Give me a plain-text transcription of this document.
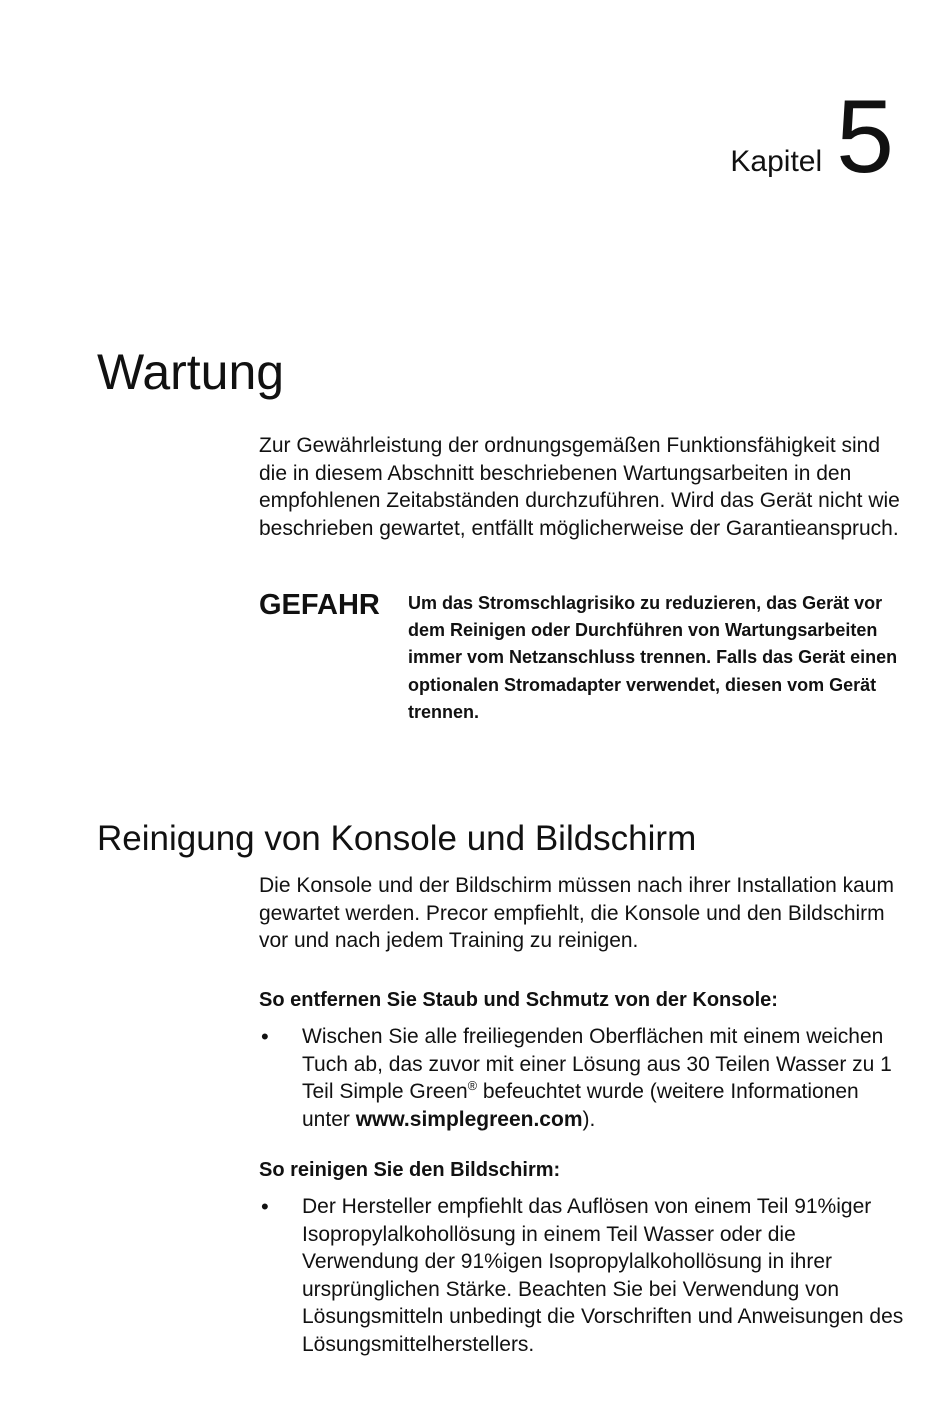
Kapitel 5
Wartung

Zur Gewährleistung der ordnungsgemäßen Funktionsfähigkeit sind die in diesem Abschnitt beschriebenen Wartungsarbeiten in den empfohlenen Zeitabständen durchzuführen. Wird das Gerät nicht wie beschrieben gewartet, entfällt möglicherweise der Garantieanspruch.

GEFAHR	Um das Stromschlagrisiko zu reduzieren, das Gerät vor dem Reinigen oder Durchführen von Wartungsarbeiten immer vom Netzanschluss trennen. Falls das Gerät einen optionalen Stromadapter verwendet, diesen vom Gerät trennen.

Reinigung von Konsole und Bildschirm

Die Konsole und der Bildschirm müssen nach ihrer Installation kaum gewartet werden. Precor empfiehlt, die Konsole und den Bildschirm vor und nach jedem Training zu reinigen.

So entfernen Sie Staub und Schmutz von der Konsole:
•	Wischen Sie alle freiliegenden Oberflächen mit einem weichen Tuch ab, das zuvor mit einer Lösung aus 30 Teilen Wasser zu 1 Teil Simple Green® befeuchtet wurde (weitere Informationen unter www.simplegreen.com).

So reinigen Sie den Bildschirm:
•	Der Hersteller empfiehlt das Auflösen von einem Teil 91%iger Isopropylalkohollösung in einem Teil Wasser oder die Verwendung der 91%igen Isopropylalkohollösung in ihrer ursprünglichen Stärke. Beachten Sie bei Verwendung von Lösungsmitteln unbedingt die Vorschriften und Anweisungen des Lösungsmittelherstellers.
